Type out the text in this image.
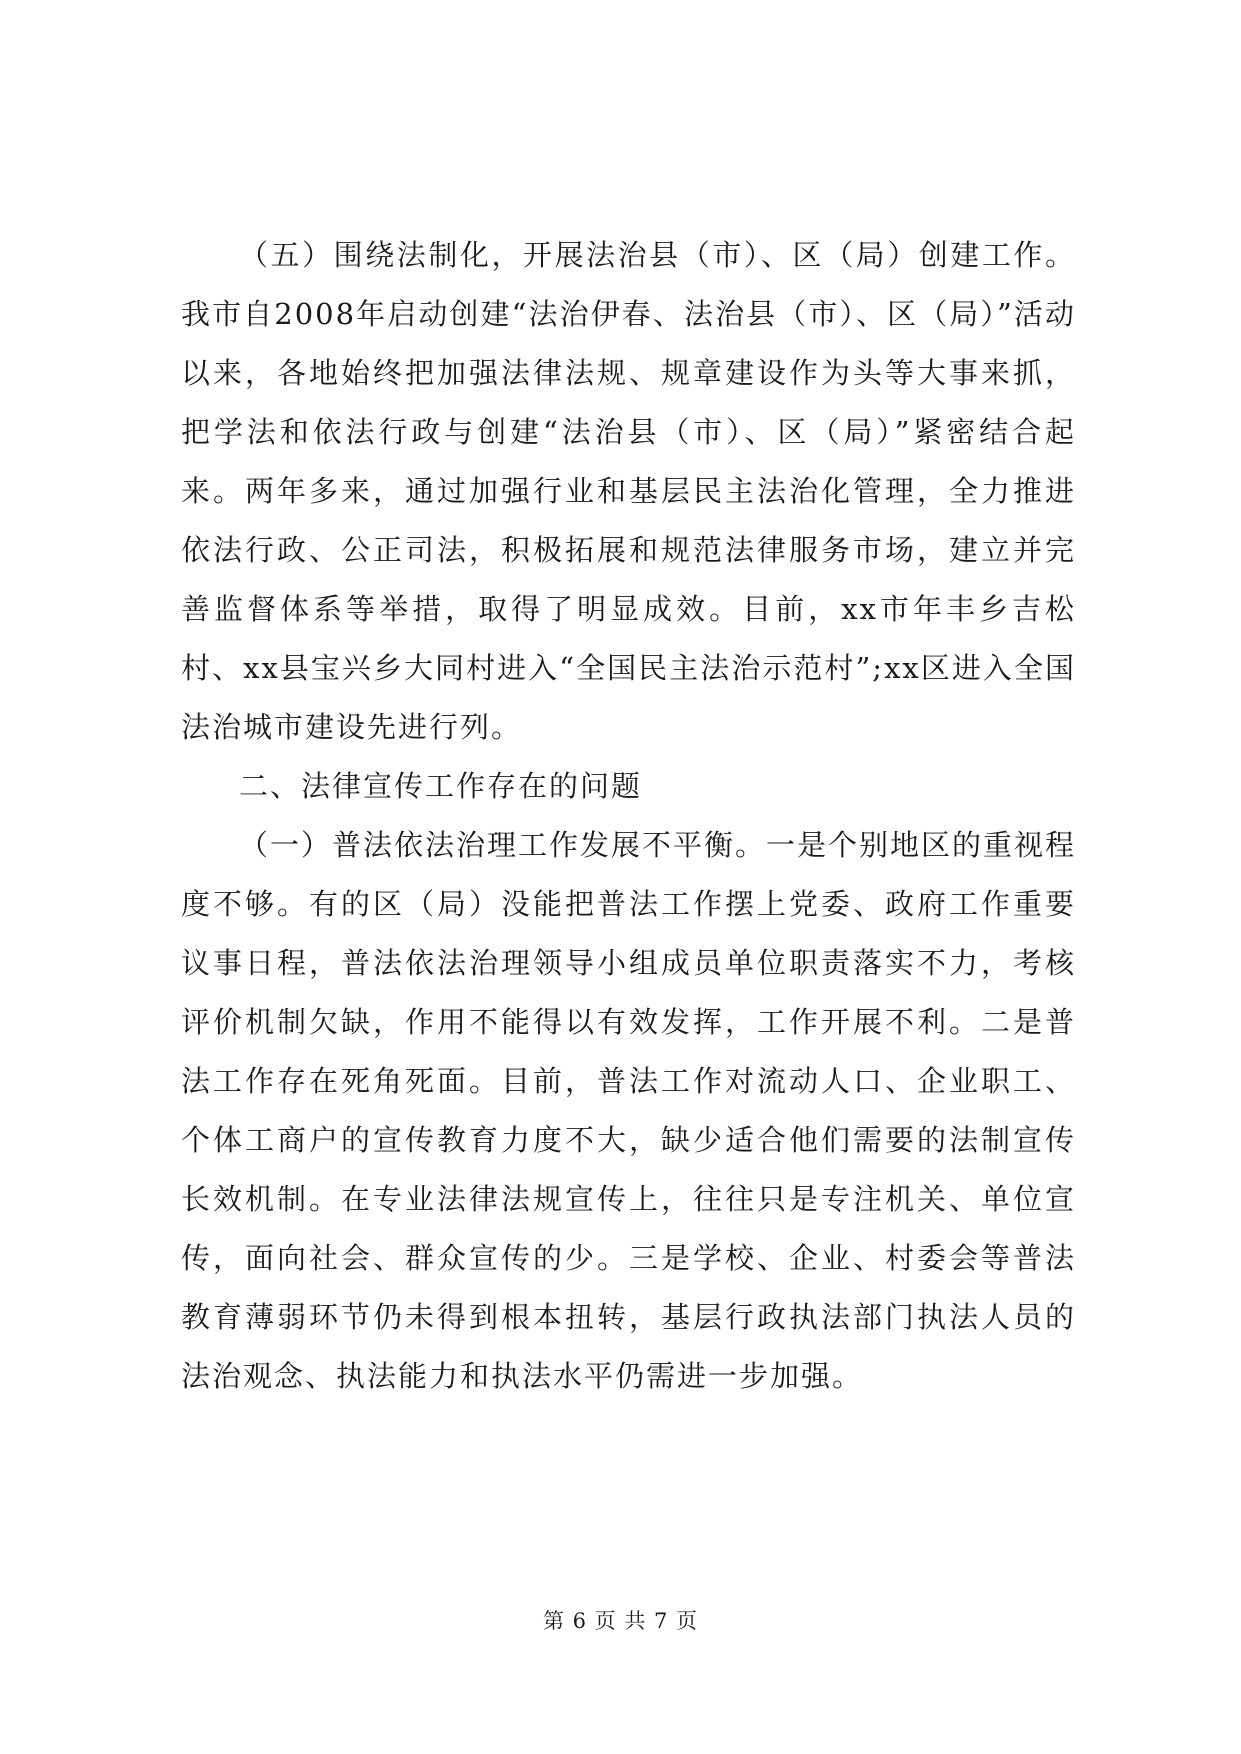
（五）围绕法制化，开展法治县（市）、区（局）创建工作。我市自2008年启动创建“法治伊春、法治县（市）、区（局）”活动以来，各地始终把加强法律法规、规章建设作为头等大事来抓，把学法和依法行政与创建“法治县（市）、区（局）”紧密结合起来。两年多来，通过加强行业和基层民主法治化管理，全力推进依法行政、公正司法，积极拓展和规范法律服务市场，建立并完善监督体系等举措，取得了明显成效。目前，xx市年丰乡吉松村、xx县宝兴乡大同村进入“全国民主法治示范村”;xx区进入全国法治城市建设先进行列。

二、法律宣传工作存在的问题

（一）普法依法治理工作发展不平衡。一是个别地区的重视程度不够。有的区（局）没能把普法工作摆上党委、政府工作重要议事日程，普法依法治理领导小组成员单位职责落实不力，考核评价机制欠缺，作用不能得以有效发挥，工作开展不利。二是普法工作存在死角死面。目前，普法工作对流动人口、企业职工、个体工商户的宣传教育力度不大，缺少适合他们需要的法制宣传长效机制。在专业法律法规宣传上，往往只是专注机关、单位宣传，面向社会、群众宣传的少。三是学校、企业、村委会等普法教育薄弱环节仍未得到根本扭转，基层行政执法部门执法人员的法治观念、执法能力和执法水平仍需进一步加强。

第 6 页 共 7 页
